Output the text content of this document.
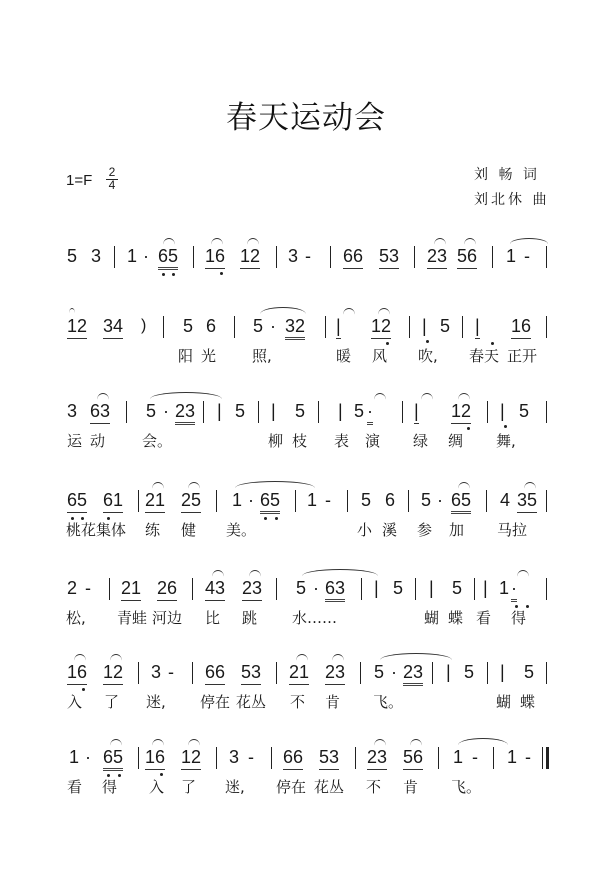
春天运动会
$1=F \frac{2}{4}$	刘 畅 词
刘北休 曲
5 3 1 · 65 16 12 3 - 66 53 23 56 1 -
12 34 ) 5 6 5 · 32 | 12 | 5 | 16
阳 光 照,	暖 风 吹, 春天 正开
3 63 5 · 23 | 5 | 5 | 5 · | 12 | 5
运 动 会。	柳 枝 表 演 绿 绸 舞,
65 61 21 25 1 · 65 1 - 5 6 5 · 65 4 35
桃花集体 练 健 美。	小 溪 参 加 马拉
2 - 21 26 43 23 5 · 63 | 5 | 5 | 1 ·
松, 青蛙 河边 比 跳 水……	蝴 蝶 看 得
16 12 3 - 66 53 21 23 5 · 23 | 5 | 5
入 了 迷, 停在 花丛 不 肯 飞。	蝴 蝶
1 · 65 16 12 3 - 66 53 23 56 1 - 1 -
看 得 入 了 迷, 停在 花丛 不 肯 飞。
